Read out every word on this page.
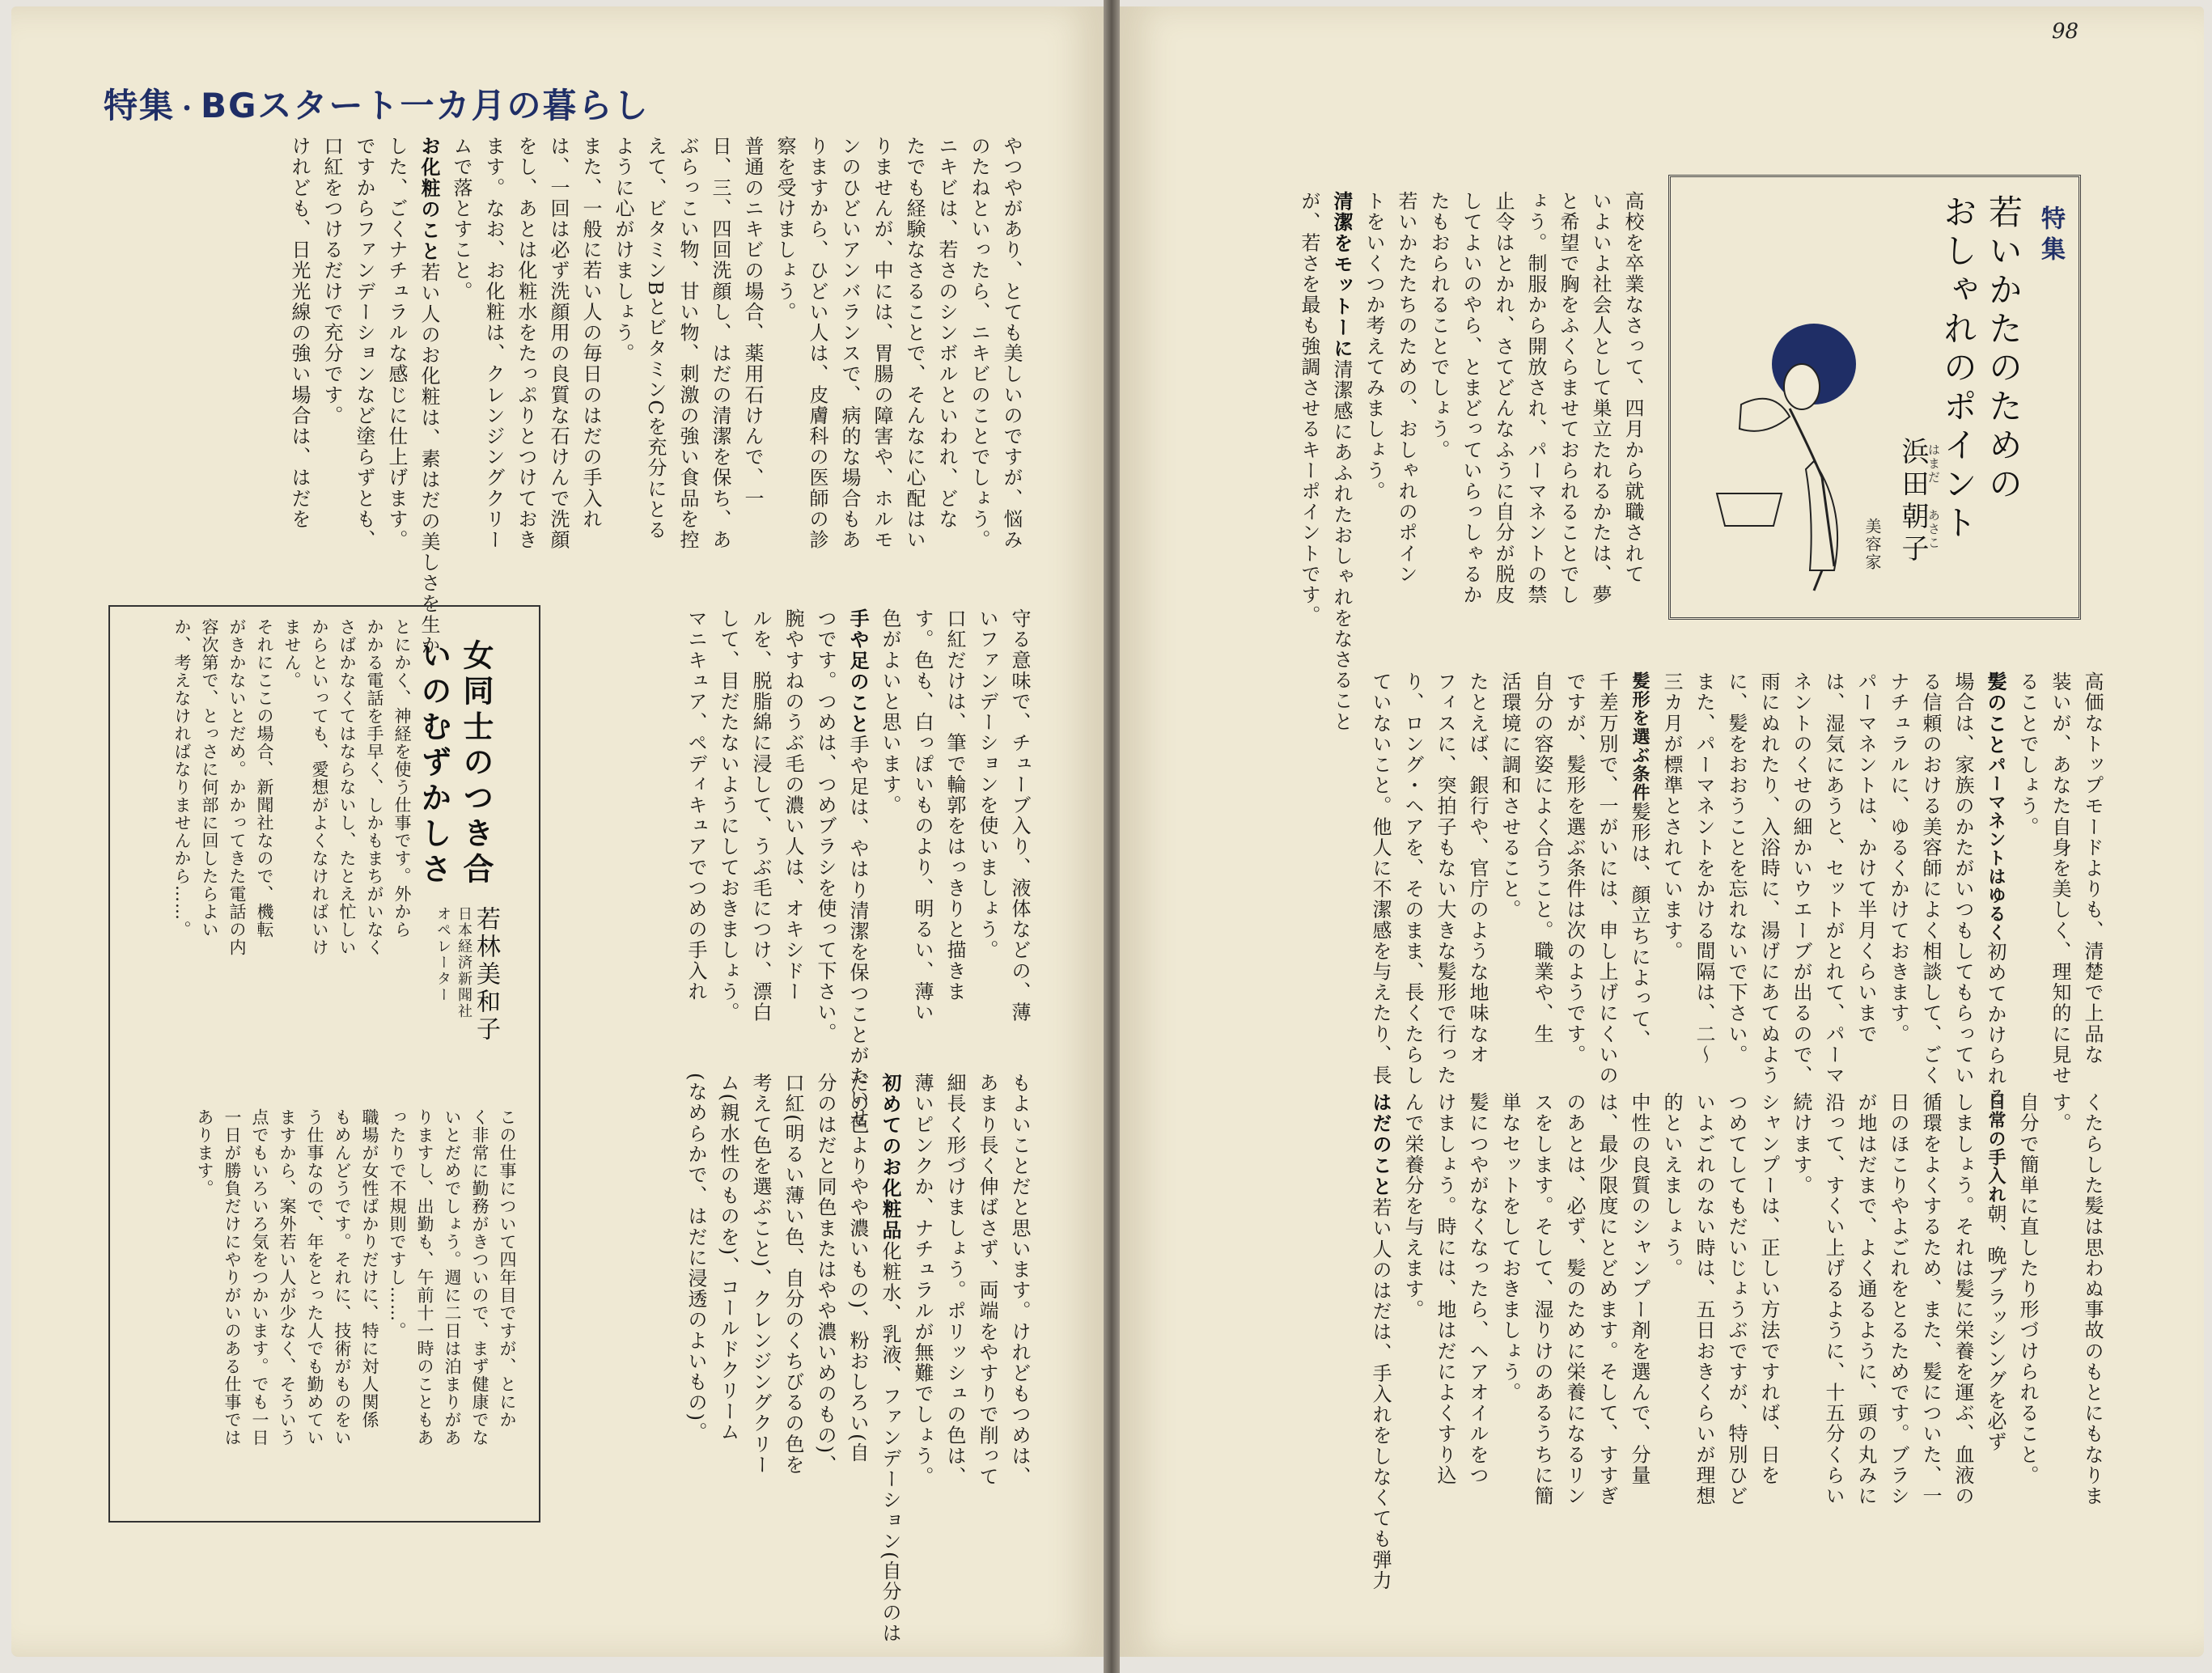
特集・BGスタート一カ月の暮らし
やつやがあり、とても美しいのですが、悩み
のたねといったら、ニキビのことでしょう。
ニキビは、若さのシンボルといわれ、どな
たでも経験なさることで、そんなに心配はい
りませんが、中には、胃腸の障害や、ホルモ
ンのひどいアンバランスで、病的な場合もあ
りますから、ひどい人は、皮膚科の医師の診
察を受けましょう。
普通のニキビの場合、薬用石けんで、一
日、三、四回洗顔し、はだの清潔を保ち、あ
ぶらっこい物、甘い物、刺激の強い食品を控
えて、ビタミンBとビタミンCを充分にとる
ように心がけましょう。
また、一般に若い人の毎日のはだの手入れ
は、一回は必ず洗顔用の良質な石けんで洗顔
をし、あとは化粧水をたっぷりとつけておき
ます。なお、お化粧は、クレンジングクリー
ムで落とすこと。
お化粧のこと若い人のお化粧は、素はだの美しさを生か
した、ごくナチュラルな感じに仕上げます。
ですからファンデーションなど塗らずとも、
口紅をつけるだけで充分です。
けれども、日光光線の強い場合は、はだを

守る意味で、チューブ入り、液体などの、薄
いファンデーションを使いましょう。
口紅だけは、筆で輪郭をはっきりと描きま
す。色も、白っぽいものより、明るい、薄い
色がよいと思います。
手や足のこと手や足は、やはり清潔を保つことがたいせ
つです。つめは、つめブラシを使って下さい。
腕やすねのうぶ毛の濃い人は、オキシドー
ルを、脱脂綿に浸して、うぶ毛につけ、漂白
して、目だたないようにしておきましょう。
マニキュア、ペディキュアでつめの手入れ

もよいことだと思います。けれどもつめは、
あまり長く伸ばさず、両端をやすりで削って
細長く形づけましょう。ポリッシュの色は、
薄いピンクか、ナチュラルが無難でしょう。
初めてのお化粧品化粧水、乳液、ファンデーション(自分のは
だの色よりやや濃いもの)、粉おしろい(自
分のはだと同色またはやや濃いめのもの)、
口紅(明るい薄い色、自分のくちびるの色を
考えて色を選ぶこと)、クレンジングクリー
ム(親水性のものを)、コールドクリーム
(なめらかで、はだに浸透のよいもの)。

女同士のつき合
いのむずかしさ
若林美和子
日本経済新聞社
オペレーター
とにかく、神経を使う仕事です。外から
かかる電話を手早く、しかもまちがいなく
さばかなくてはならないし、たとえ忙しい
からといっても、愛想がよくなければいけ
ません。
それにここの場合、新聞社なので、機転
がきかないとだめ。かかってきた電話の内
容次第で、とっさに何部に回したらよい
か、考えなければなりませんから……。

この仕事について四年目ですが、とにか
く非常に勤務がきついので、まず健康でな
いとだめでしょう。週に二日は泊まりがあ
りますし、出勤も、午前十一時のこともあ
ったりで不規則ですし……。
職場が女性ばかりだけに、特に対人関係
もめんどうです。それに、技術がものをい
う仕事なので、年をとった人でも勤めてい
ますから、案外若い人が少なく、そういう
点でもいろいろ気をつかいます。でも一日
一日が勝負だけにやりがいのある仕事では
あります。

98
特集
若いかたのための
おしゃれのポイント
浜田朝子
はまだあさこ
美容家
高校を卒業なさって、四月から就職されて
いよいよ社会人として巣立たれるかたは、夢
と希望で胸をふくらませておられることでし
ょう。制服から開放され、パーマネントの禁
止令はとかれ、さてどんなふうに自分が脱皮
してよいのやら、とまどっていらっしゃるか
たもおられることでしょう。
若いかたたちのための、おしゃれのポイン
トをいくつか考えてみましょう。
清潔をモットーに清潔感にあふれたおしゃれをなさること
が、若さを最も強調させるキーポイントです。

高価なトップモードよりも、清楚で上品な
装いが、あなた自身を美しく、理知的に見せ
ることでしょう。
髪のことパーマネントはゆるく初めてかけられる
場合は、家族のかたがいつもしてもらってい
る信頼のおける美容師によく相談して、ごく
ナチュラルに、ゆるくかけておきます。
パーマネントは、かけて半月くらいまで
は、湿気にあうと、セットがとれて、パーマ
ネントのくせの細かいウエーブが出るので、
雨にぬれたり、入浴時に、湯げにあてぬよう
に、髪をおおうことを忘れないで下さい。
また、パーマネントをかける間隔は、二〜
三カ月が標準とされています。
髪形を選ぶ条件髪形は、顔立ちによって、
千差万別で、一がいには、申し上げにくいの
ですが、髪形を選ぶ条件は次のようです。
自分の容姿によく合うこと。職業や、生
活環境に調和させること。
たとえば、銀行や、官庁のような地味なオ
フィスに、突拍子もない大きな髪形で行った
り、ロング・ヘアを、そのまま、長くたらし
ていないこと。他人に不潔感を与えたり、長

くたらした髪は思わぬ事故のもとにもなりま
す。
自分で簡単に直したり形づけられること。
日常の手入れ朝、晩ブラッシングを必ず
しましょう。それは髪に栄養を運ぶ、血液の
循環をよくするため、また、髪についた、一
日のほこりやよごれをとるためです。ブラシ
が地はだまで、よく通るように、頭の丸みに
沿って、すくい上げるように、十五分くらい
続けます。
シャンプーは、正しい方法ですれば、日を
つめてしてもだいじょうぶですが、特別ひど
いよごれのない時は、五日おきくらいが理想
的といえましょう。
中性の良質のシャンプー剤を選んで、分量
は、最少限度にとどめます。そして、すすぎ
のあとは、必ず、髪のために栄養になるリン
スをします。そして、湿りけのあるうちに簡
単なセットをしておきましょう。
髪につやがなくなったら、ヘアオイルをつ
けましょう。時には、地はだによくすり込
んで栄養分を与えます。
はだのこと若い人のはだは、手入れをしなくても弾力
